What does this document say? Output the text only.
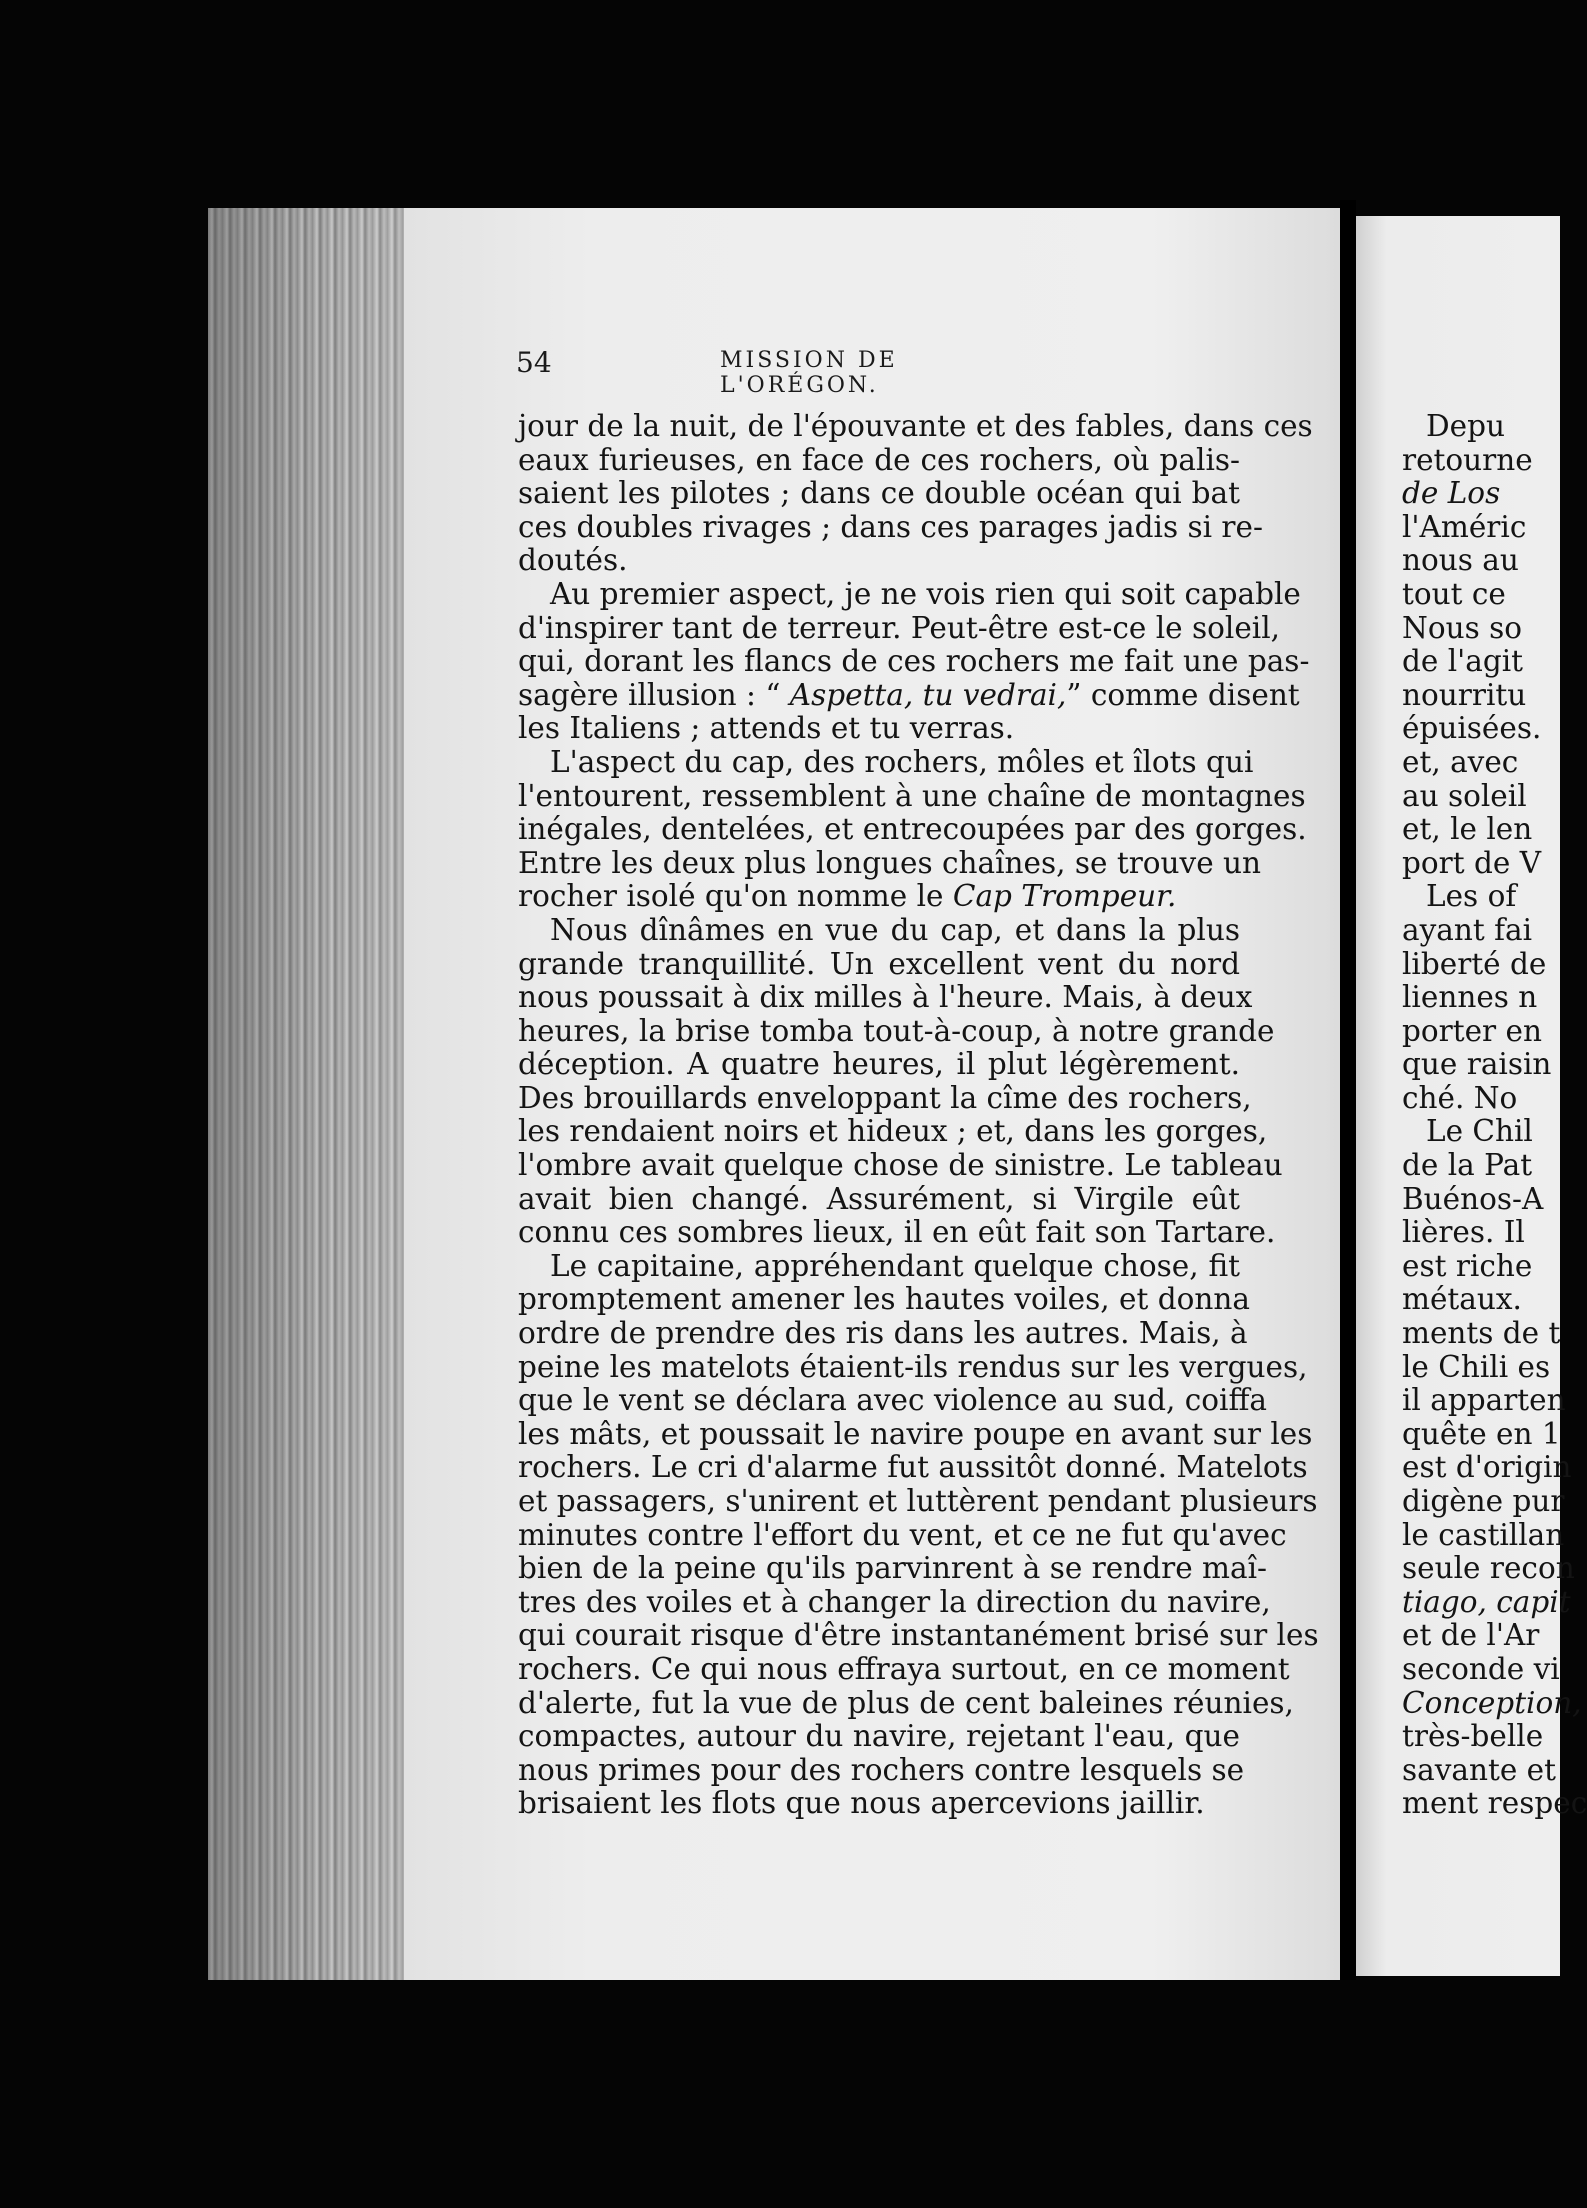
54	MISSION DE L'ORÉGON.
jour de la nuit, de l'épouvante et des fables, dans ces
eaux furieuses, en face de ces rochers, où palis-
saient les pilotes ; dans ce double océan qui bat
ces doubles rivages ; dans ces parages jadis si re-
doutés.
Au premier aspect, je ne vois rien qui soit capable
d'inspirer tant de terreur. Peut-être est-ce le soleil,
qui, dorant les flancs de ces rochers me fait une pas-
sagère illusion : “ Aspetta, tu vedrai,” comme disent
les Italiens ; attends et tu verras.
L'aspect du cap, des rochers, môles et îlots qui
l'entourent, ressemblent à une chaîne de montagnes
inégales, dentelées, et entrecoupées par des gorges.
Entre les deux plus longues chaînes, se trouve un
rocher isolé qu'on nomme le Cap Trompeur.
Nous dînâmes en vue du cap, et dans la plus
grande tranquillité. Un excellent vent du nord
nous poussait à dix milles à l'heure. Mais, à deux
heures, la brise tomba tout-à-coup, à notre grande
déception. A quatre heures, il plut légèrement.
Des brouillards enveloppant la cîme des rochers,
les rendaient noirs et hideux ; et, dans les gorges,
l'ombre avait quelque chose de sinistre. Le tableau
avait bien changé. Assurément, si Virgile eût
connu ces sombres lieux, il en eût fait son Tartare.
Le capitaine, appréhendant quelque chose, fit
promptement amener les hautes voiles, et donna
ordre de prendre des ris dans les autres. Mais, à
peine les matelots étaient-ils rendus sur les vergues,
que le vent se déclara avec violence au sud, coiffa
les mâts, et poussait le navire poupe en avant sur les
rochers. Le cri d'alarme fut aussitôt donné. Matelots
et passagers, s'unirent et luttèrent pendant plusieurs
minutes contre l'effort du vent, et ce ne fut qu'avec
bien de la peine qu'ils parvinrent à se rendre maî-
tres des voiles et à changer la direction du navire,
qui courait risque d'être instantanément brisé sur les
rochers. Ce qui nous effraya surtout, en ce moment
d'alerte, fut la vue de plus de cent baleines réunies,
compactes, autour du navire, rejetant l'eau, que
nous primes pour des rochers contre lesquels se
brisaient les flots que nous apercevions jaillir.
Depu
retourne
de Los
l'Améric
nous au
tout ce
Nous so
de l'agit
nourritu
épuisées.
et, avec
au soleil
et, le len
port de V
Les of
ayant fai
liberté de
liennes n
porter en
que raisin
ché. No
Le Chil
de la Pat
Buénos-A
lières. Il
est riche
métaux.
ments de t
le Chili es
il apparten
quête en 1
est d'origin
digène pur
le castillan
seule recon
tiago, capit
et de l'Ar
seconde vi
Conception,
très-belle
savante et
ment respec
